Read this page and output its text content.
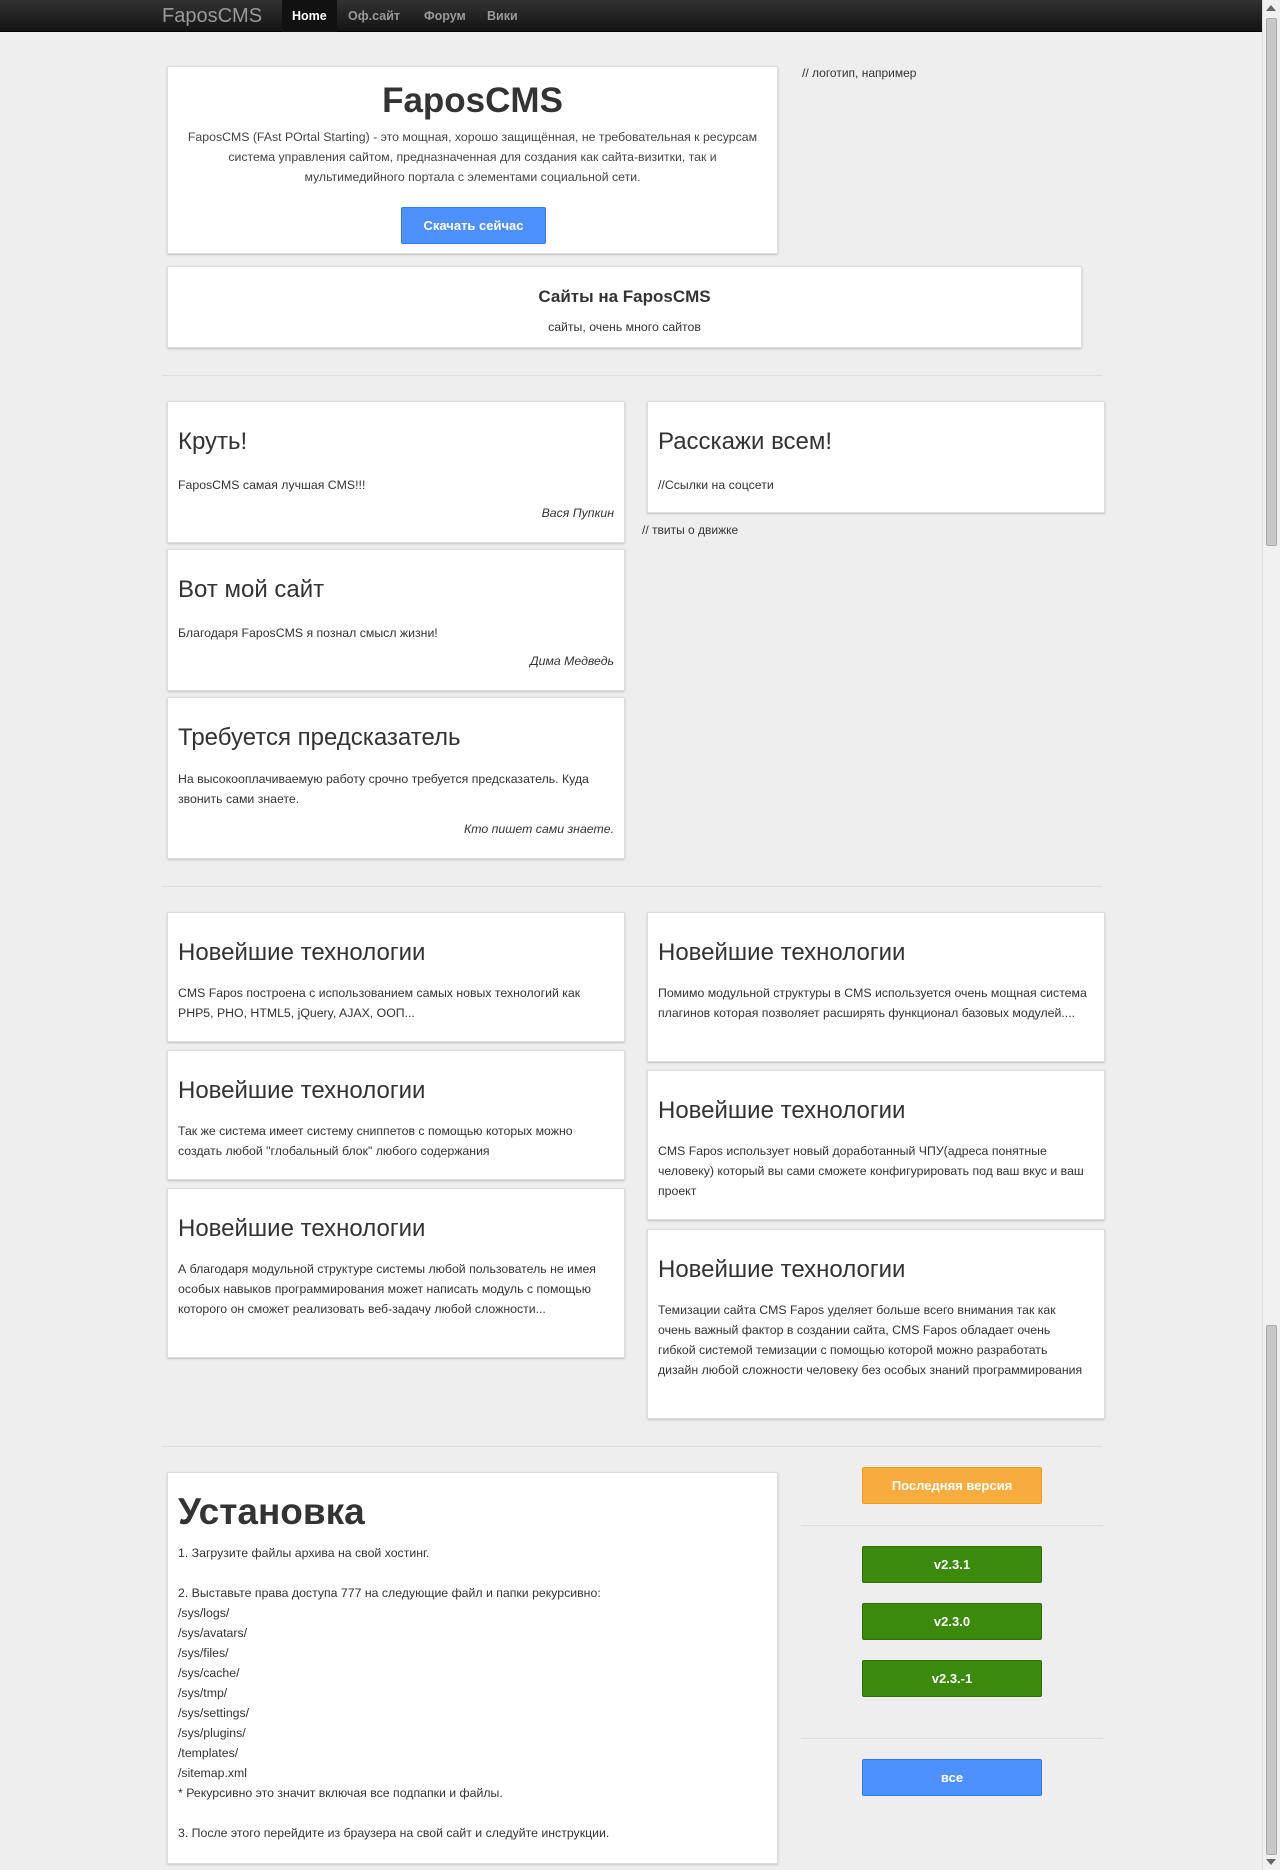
FaposCMS	Home	Оф.сайт	Форум	Вики
FaposCMS
FaposCMS (FAst POrtal Starting) - это мощная, хорошо защищённая, не требовательная к ресурсам система управления сайтом, предназначенная для создания как сайта-визитки, так и мультимедийного портала с элементами социальной сети.
Скачать сейчас
// логотип, например
Сайты на FaposCMS
сайты, очень много сайтов
Круть!
FaposCMS самая лучшая CMS!!!
Вася Пупкин
Вот мой сайт
Благодаря FaposCMS я познал смысл жизни!
Дима Медведь
Требуется предсказатель
На высокооплачиваемую работу срочно требуется предсказатель. Куда звонить сами знаете.
Кто пишет сами знаете.
Расскажи всем!
//Ссылки на соцсети
// твиты о движке
Новейшие технологии
CMS Fapos построена с использованием самых новых технологий как PHP5, PHO, HTML5, jQuery, AJAX, ООП...
Новейшие технологии
Так же система имеет систему сниппетов с помощью которых можно создать любой "глобальный блок" любого содержания
Новейшие технологии
А благодаря модульной структуре системы любой пользователь не имея особых навыков программирования может написать модуль с помощью которого он сможет реализовать веб-задачу любой сложности...
Новейшие технологии
Помимо модульной структуры в CMS используется очень мощная система плагинов которая позволяет расширять функционал базовых модулей....
Новейшие технологии
CMS Fapos использует новый доработанный ЧПУ(адреса понятные человеку) который вы сами сможете конфигурировать под ваш вкус и ваш проект
Новейшие технологии
Темизации сайта CMS Fapos уделяет больше всего внимания так как очень важный фактор в создании сайта, CMS Fapos обладает очень гибкой системой темизации с помощью которой можно разработать дизайн любой сложности человеку без особых знаний программирования
Установка
1. Загрузите файлы архива на свой хостинг.
2. Выставьте права доступа 777 на следующие файл и папки рекурсивно:
/sys/logs/
/sys/avatars/
/sys/files/
/sys/cache/
/sys/tmp/
/sys/settings/
/sys/plugins/
/templates/
/sitemap.xml
* Рекурсивно это значит включая все подпапки и файлы.
3. После этого перейдите из браузера на свой сайт и следуйте инструкции.
Последняя версия
v2.3.1
v2.3.0
v2.3.-1
все
